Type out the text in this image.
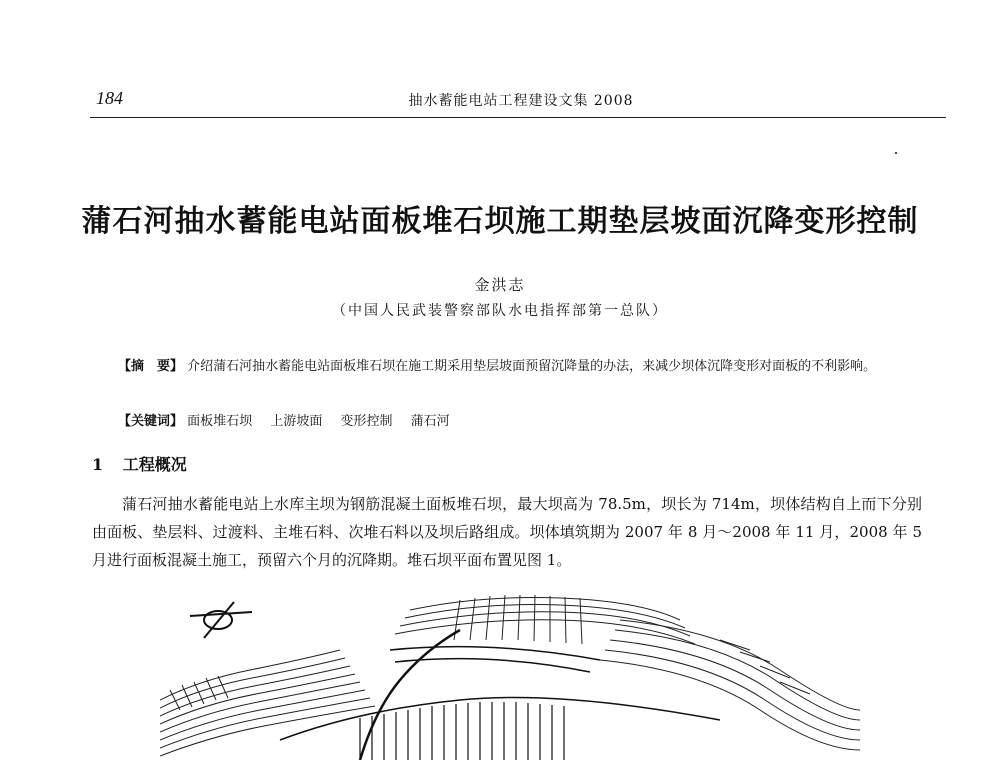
184	抽水蓄能电站工程建设文集 2008
蒲石河抽水蓄能电站面板堆石坝施工期垫层坡面沉降变形控制
金洪志
（中国人民武装警察部队水电指挥部第一总队）
【摘　要】 介绍蒲石河抽水蓄能电站面板堆石坝在施工期采用垫层坡面预留沉降量的办法，来减少坝体沉降变形对面板的不利影响。
【关键词】 面板堆石坝 上游坡面 变形控制 蒲石河
1 工程概况
蒲石河抽水蓄能电站上水库主坝为钢筋混凝土面板堆石坝，最大坝高为 78.5m，坝长为 714m，坝体结构自上而下分别由面板、垫层料、过渡料、主堆石料、次堆石料以及坝后路组成。坝体填筑期为 2007 年 8 月～2008 年 11 月，2008 年 5 月进行面板混凝土施工，预留六个月的沉降期。堆石坝平面布置见图 1。
